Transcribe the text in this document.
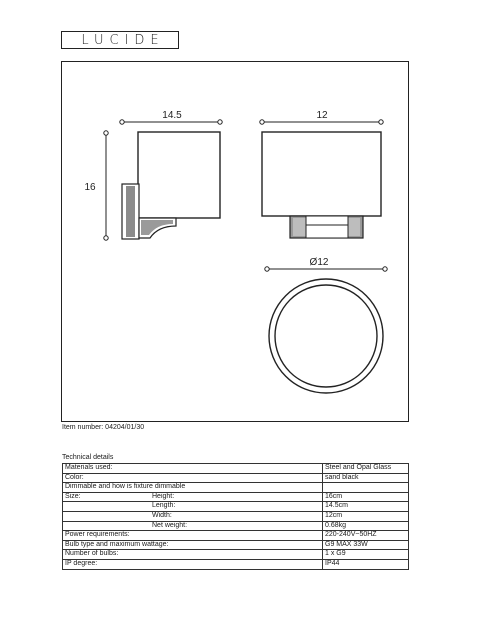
LUCIDE
14.5
16
12
Ø12
Item number: 04204/01/30
Technical details
Materials used:	Steel and Opal Glass
Color:	sand black
Dimmable and how is fixture dimmable	
Size: Height:	16cm
Length:	14.5cm
Width:	12cm
Net weight:	0.68kg
Power requirements:	220-240V~50HZ
Bulb type and maximum wattage:	G9 MAX 33W
Number of bulbs:	1 x G9
IP degree:	IP44
